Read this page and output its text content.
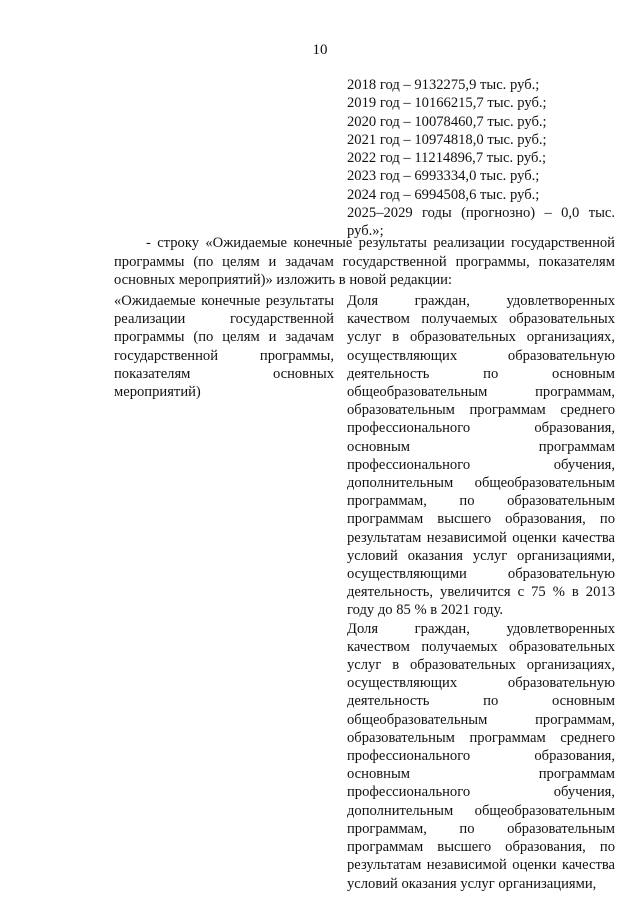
10
2018 год – 9132275,9 тыс. руб.;
2019 год – 10166215,7 тыс. руб.;
2020 год – 10078460,7 тыс. руб.;
2021 год – 10974818,0 тыс. руб.;
2022 год – 11214896,7 тыс. руб.;
2023 год – 6993334,0 тыс. руб.;
2024 год – 6994508,6 тыс. руб.;
2025–2029 годы (прогнозно) – 0,0 тыс.
руб.»;
- строку «Ожидаемые конечные результаты реализации государственной программы (по целям и задачам государственной программы, показателям основных мероприятий)» изложить в новой редакции:
«Ожидаемые конечные результаты реализации государственной программы (по целям и задачам государственной программы, показателям основных мероприятий)

Доля граждан, удовлетворенных качеством получаемых образовательных услуг в образовательных организациях, осуществляющих образовательную деятельность по основным общеобразовательным программам, образовательным программам среднего профессионального образования, основным программам профессионального обучения, дополнительным общеобразовательным программам, по образовательным программам высшего образования, по результатам независимой оценки качества условий оказания услуг организациями, осуществляющими образовательную деятельность, увеличится с 75 % в 2013 году до 85 % в 2021 году.

Доля граждан, удовлетворенных качеством получаемых образовательных услуг в образовательных организациях, осуществляющих образовательную деятельность по основным общеобразовательным программам, образовательным программам среднего профессионального образования, основным программам профессионального обучения, дополнительным общеобразовательным программам, по образовательным программам высшего образования, по результатам независимой оценки качества условий оказания услуг организациями,
